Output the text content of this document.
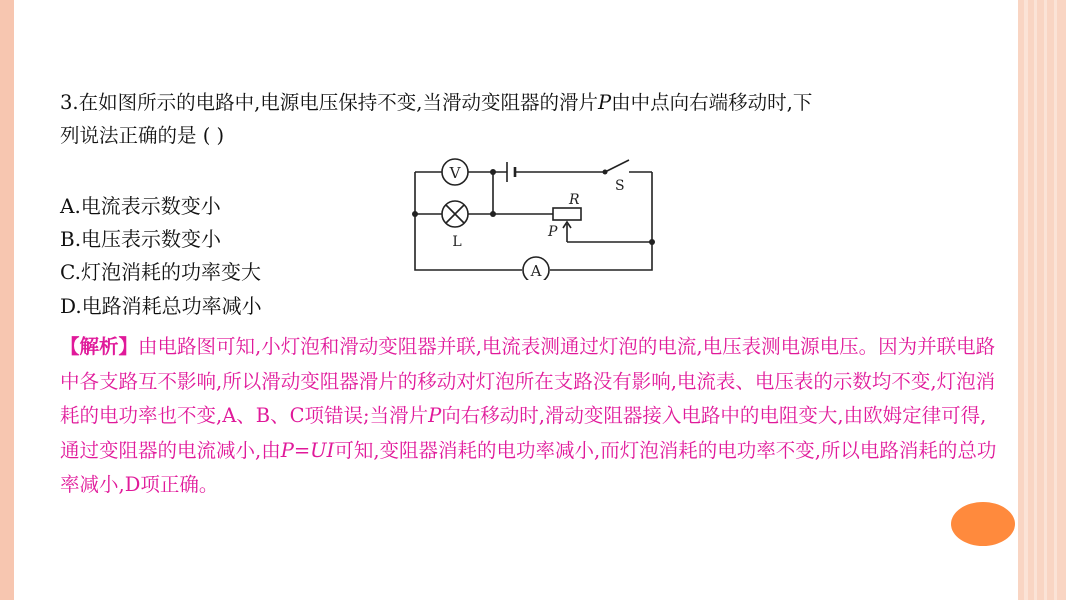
3.在如图所示的电路中,电源电压保持不变,当滑动变阻器的滑片P由中点向右端移动时,下
列说法正确的是 ( )
A.电流表示数变小
B.电压表示数变小
C.灯泡消耗的功率变大
D.电路消耗总功率减小
V
L
A
S
R
P
【解析】由电路图可知,小灯泡和滑动变阻器并联,电流表测通过灯泡的电流,电压表测电源电压。因为并联电路中各支路互不影响,所以滑动变阻器滑片的移动对灯泡所在支路没有影响,电流表、电压表的示数均不变,灯泡消耗的电功率也不变,A、B、C项错误;当滑片P向右移动时,滑动变阻器接入电路中的电阻变大,由欧姆定律可得,通过变阻器的电流减小,由P=UI可知,变阻器消耗的电功率减小,而灯泡消耗的电功率不变,所以电路消耗的总功率减小,D项正确。
